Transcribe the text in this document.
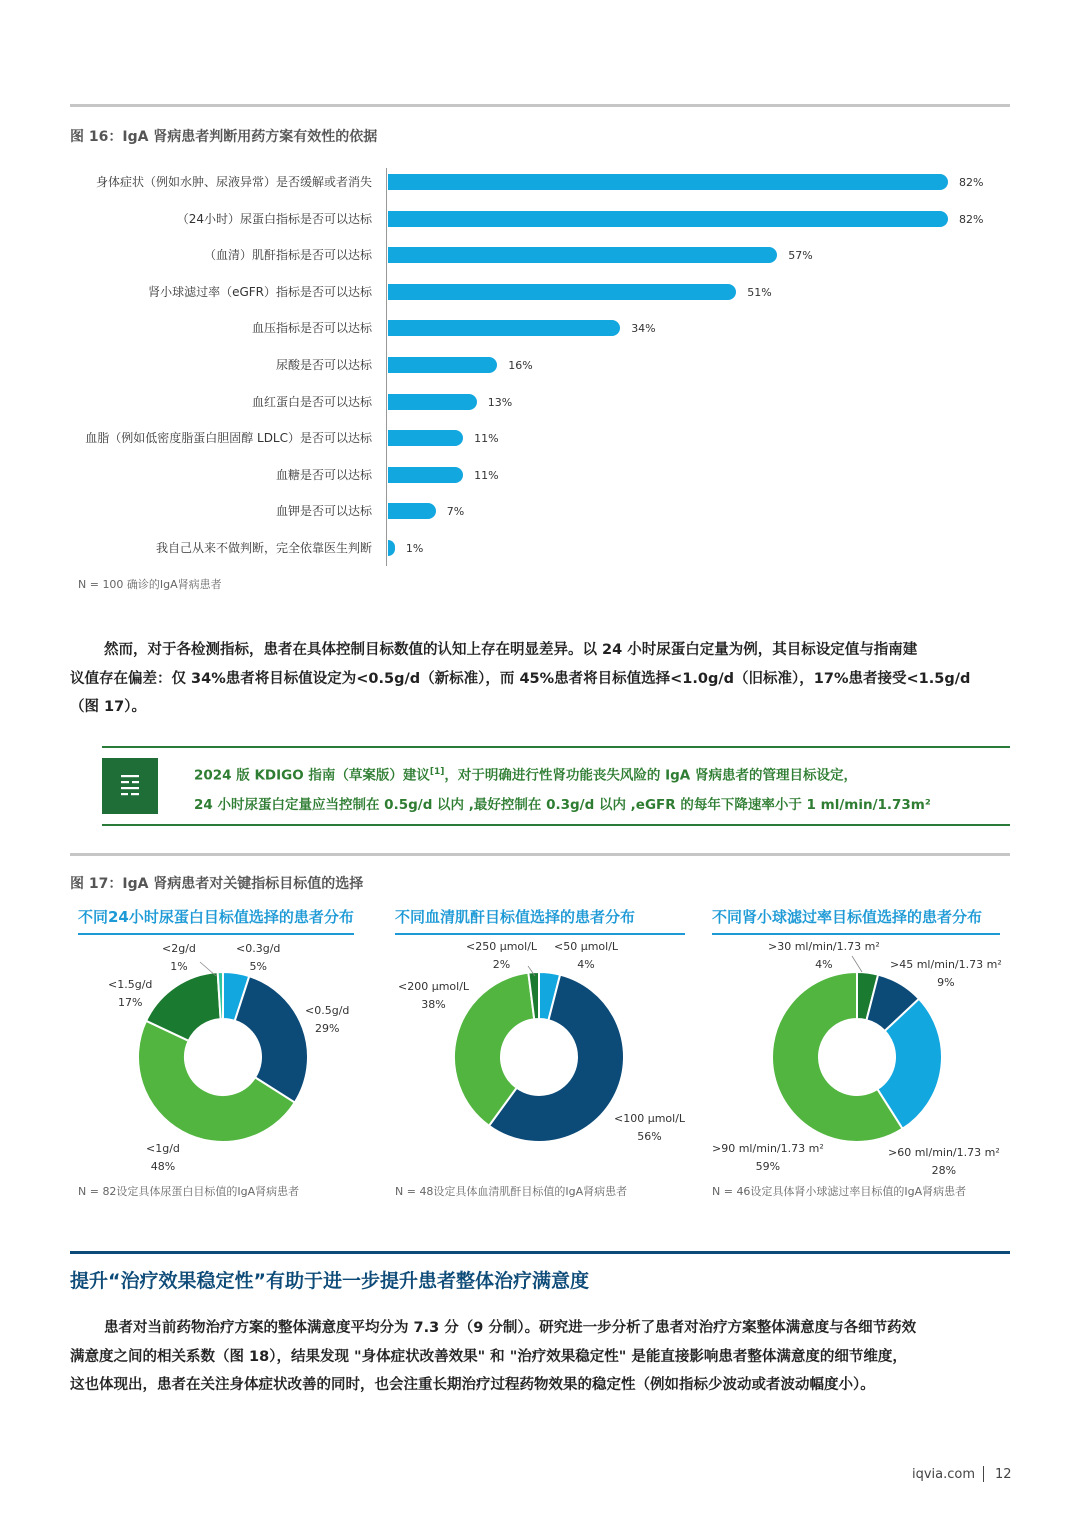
图 16：IgA 肾病患者判断用药方案有效性的依据
身体症状（例如水肿、尿液异常）是否缓解或者消失	82%
（24小时）尿蛋白指标是否可以达标	82%
（血清）肌酐指标是否可以达标	57%
肾小球滤过率（eGFR）指标是否可以达标	51%
血压指标是否可以达标	34%
尿酸是否可以达标	16%
血红蛋白是否可以达标	13%
血脂（例如低密度脂蛋白胆固醇 LDLC）是否可以达标	11%
血糖是否可以达标	11%
血钾是否可以达标	7%
我自己从来不做判断，完全依靠医生判断	1%
N = 100 确诊的IgA肾病患者
然而，对于各检测指标，患者在具体控制目标数值的认知上存在明显差异。以 24 小时尿蛋白定量为例，其目标设定值与指南建
议值存在偏差：仅 34%患者将目标值设定为<0.5g/d（新标准），而 45%患者将目标值选择<1.0g/d（旧标准），17%患者接受<1.5g/d
（图 17）。
2024 版 KDIGO 指南（草案版）建议[1]，对于明确进行性肾功能丧失风险的 IgA 肾病患者的管理目标设定，
24 小时尿蛋白定量应当控制在 0.5g/d 以内 ,最好控制在 0.3g/d 以内 ,eGFR 的每年下降速率小于 1 ml/min/1.73m²
图 17：IgA 肾病患者对关键指标目标值的选择
不同24小时尿蛋白目标值选择的患者分布	不同血清肌酐目标值选择的患者分布	不同肾小球滤过率目标值选择的患者分布
<2g/d
1%
<0.3g/d
5%
<1.5g/d
17%
<0.5g/d
29%
<1g/d
48%
<250 μmol/L
2%
<50 μmol/L
4%
<200 μmol/L
38%
<100 μmol/L
56%
>30 ml/min/1.73 m²
4%	>45 ml/min/1.73 m²
9%
>90 ml/min/1.73 m²
59%
>60 ml/min/1.73 m²
28%
N = 82设定具体尿蛋白目标值的IgA肾病患者	N = 48设定具体血清肌酐目标值的IgA肾病患者	N = 46设定具体肾小球滤过率目标值的IgA肾病患者
提升“治疗效果稳定性”有助于进一步提升患者整体治疗满意度
患者对当前药物治疗方案的整体满意度平均分为 7.3 分（9 分制）。研究进一步分析了患者对治疗方案整体满意度与各细节药效
满意度之间的相关系数（图 18），结果发现 "身体症状改善效果" 和 "治疗效果稳定性" 是能直接影响患者整体满意度的细节维度，
这也体现出，患者在关注身体症状改善的同时，也会注重长期治疗过程药物效果的稳定性（例如指标少波动或者波动幅度小）。
iqvia.com 12
